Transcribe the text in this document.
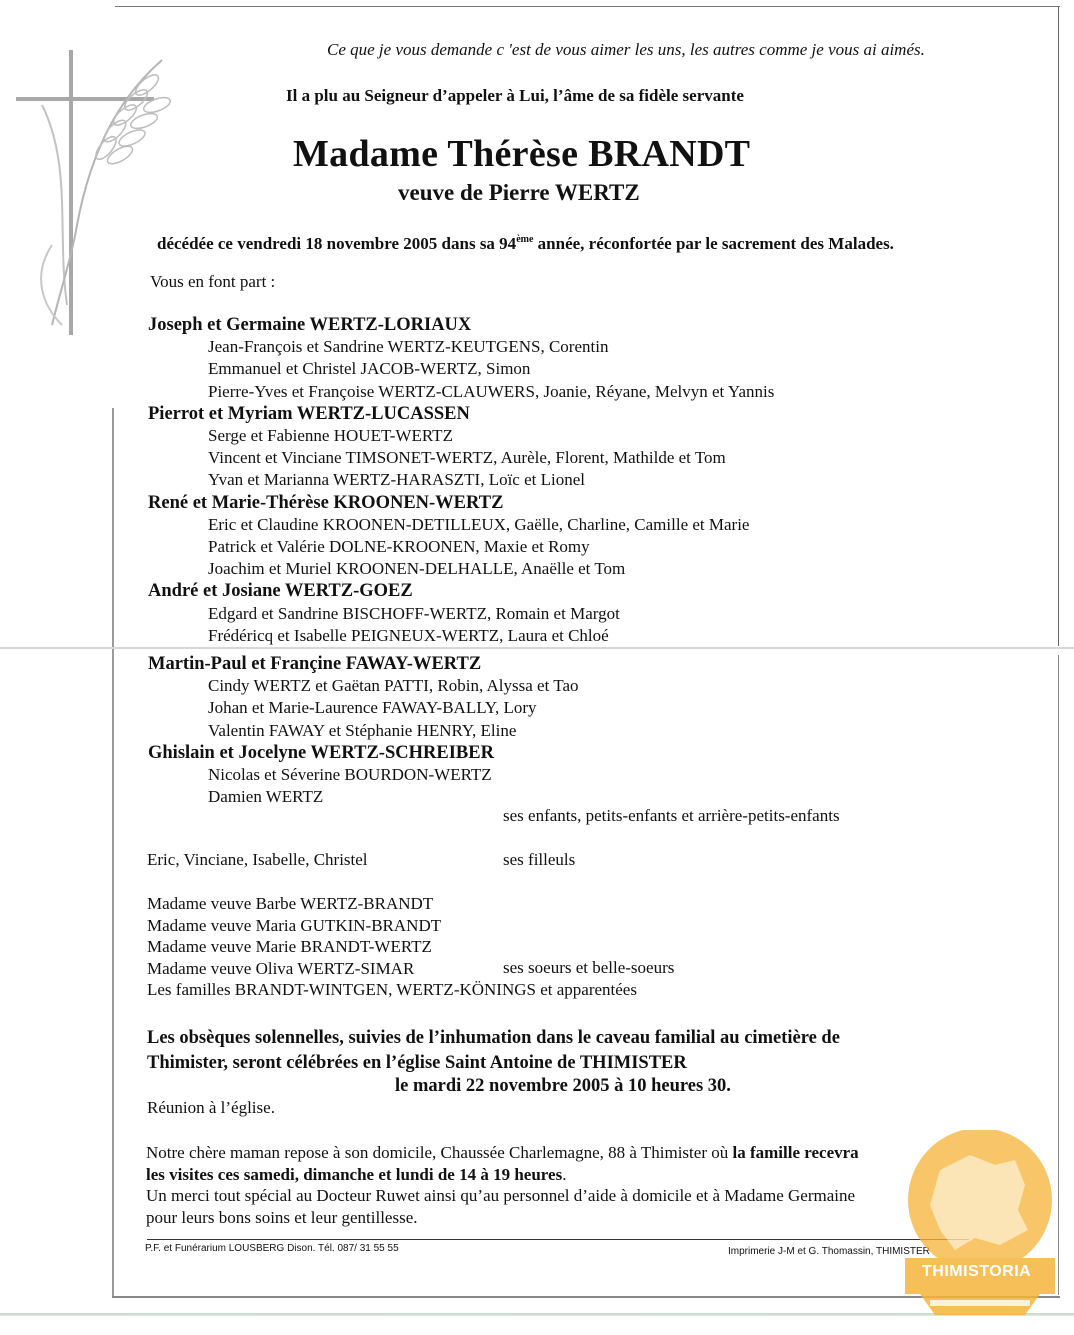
Ce que je vous demande c 'est de vous aimer les uns, les autres comme je vous ai aimés.
Il a plu au Seigneur d’appeler à Lui, l’âme de sa fidèle servante
Madame Thérèse BRANDT
veuve de Pierre WERTZ
décédée ce vendredi 18 novembre 2005 dans sa 94ème année, réconfortée par le sacrement des Malades.
Vous en font part :
Joseph et Germaine WERTZ-LORIAUX
Jean-François et Sandrine WERTZ-KEUTGENS, Corentin
Emmanuel et Christel JACOB-WERTZ, Simon
Pierre-Yves et Françoise WERTZ-CLAUWERS, Joanie, Réyane, Melvyn et Yannis
Pierrot et Myriam WERTZ-LUCASSEN
Serge et Fabienne HOUET-WERTZ
Vincent et Vinciane TIMSONET-WERTZ, Aurèle, Florent, Mathilde et Tom
Yvan et Marianna WERTZ-HARASZTI, Loïc et Lionel
René et Marie-Thérèse KROONEN-WERTZ
Eric et Claudine KROONEN-DETILLEUX, Gaëlle, Charline, Camille et Marie
Patrick et Valérie DOLNE-KROONEN, Maxie et Romy
Joachim et Muriel KROONEN-DELHALLE, Anaëlle et Tom
André et Josiane WERTZ-GOEZ
Edgard et Sandrine BISCHOFF-WERTZ, Romain et Margot
Frédéricq et Isabelle PEIGNEUX-WERTZ, Laura et Chloé
Martin-Paul et Françine FAWAY-WERTZ
Cindy WERTZ et Gaëtan PATTI, Robin, Alyssa et Tao
Johan et Marie-Laurence FAWAY-BALLY, Lory
Valentin FAWAY et Stéphanie HENRY, Eline
Ghislain et Jocelyne WERTZ-SCHREIBER
Nicolas et Séverine BOURDON-WERTZ
Damien WERTZ
ses enfants, petits-enfants et arrière-petits-enfants
Eric, Vinciane, Isabelle, Christel	ses filleuls
Madame veuve Barbe WERTZ-BRANDT
Madame veuve Maria GUTKIN-BRANDT
Madame veuve Marie BRANDT-WERTZ
Madame veuve Oliva WERTZ-SIMAR
Les familles BRANDT-WINTGEN, WERTZ-KÖNINGS et apparentées
ses soeurs et belle-soeurs
Les obsèques solennelles, suivies de l’inhumation dans le caveau familial au cimetière de
Thimister, seront célébrées en l’église Saint Antoine de THIMISTER
le mardi 22 novembre 2005 à 10 heures 30.
Réunion à l’église.
Notre chère maman repose à son domicile, Chaussée Charlemagne, 88 à Thimister où la famille recevra
les visites ces samedi, dimanche et lundi de 14 à 19 heures.
Un merci tout spécial au Docteur Ruwet ainsi qu’au personnel d’aide à domicile et à Madame Germaine
pour leurs bons soins et leur gentillesse.
P.F. et Funérarium LOUSBERG Dison. Tél. 087/ 31 55 55	Imprimerie J-M et G. Thomassin, THIMISTER
THIMISTORIA
